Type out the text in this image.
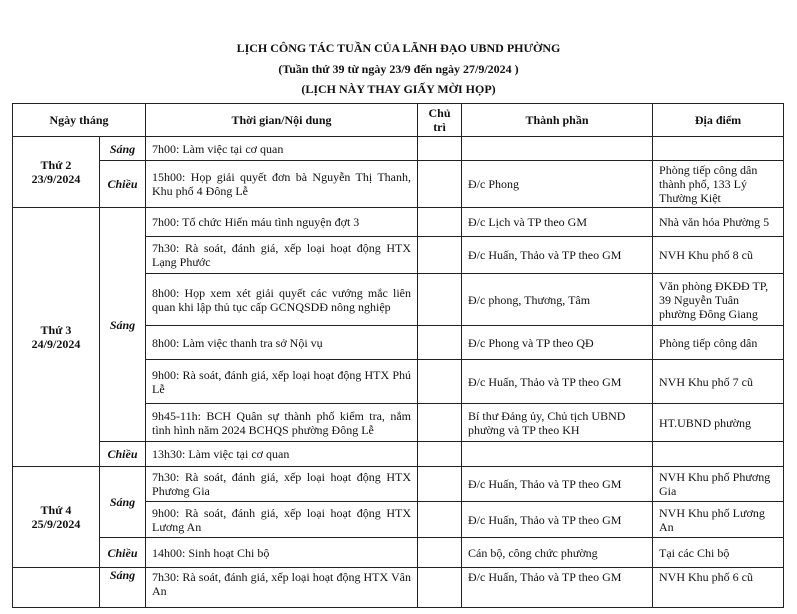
LỊCH CÔNG TÁC TUẦN CỦA LÃNH ĐẠO UBND PHƯỜNG
(Tuần thứ 39 từ ngày 23/9 đến ngày 27/9/2024 )
(LỊCH NÀY THAY GIẤY MỜI HỌP)
Ngày tháng		Thời gian/Nội dung	Chủ trì	Thành phần	Địa điểm
Thứ 2
23/9/2024	Sáng	7h00: Làm việc tại cơ quan			
	Chiều	15h00: Họp giải quyết đơn bà Nguyễn Thị Thanh, Khu phố 4 Đông Lễ		Đ/c Phong	Phòng tiếp công dân thành phố, 133 Lý Thường Kiệt
Thứ 3
24/9/2024	Sáng	7h00: Tổ chức Hiến máu tình nguyện đợt 3		Đ/c Lịch và TP theo GM	Nhà văn hóa Phường 5
		7h30: Rà soát, đánh giá, xếp loại hoạt động HTX Lạng Phước		Đ/c Huấn, Thảo và TP theo GM	NVH Khu phố 8 cũ
		8h00: Họp xem xét giải quyết các vướng mắc liên quan khi lập thủ tục cấp GCNQSDĐ nông nghiệp		Đ/c phong, Thương, Tâm	Văn phòng ĐKĐĐ TP, 39 Nguyễn Tuân phường Đông Giang
		8h00: Làm việc thanh tra sở Nội vụ		Đ/c Phong và TP theo QĐ	Phòng tiếp công dân
		9h00: Rà soát, đánh giá, xếp loại hoạt động HTX Phú Lễ		Đ/c Huấn, Thảo và TP theo GM	NVH Khu phố 7 cũ
		9h45-11h: BCH Quân sự thành phố kiểm tra, nắm tình hình năm 2024 BCHQS phường Đông Lễ		Bí thư Đảng ủy, Chủ tịch UBND phường và TP theo KH	HT.UBND phường
	Chiều	13h30: Làm việc tại cơ quan			
Thứ 4
25/9/2024	Sáng	7h30: Rà soát, đánh giá, xếp loại hoạt động HTX Phương Gia		Đ/c Huấn, Thảo và TP theo GM	NVH Khu phố Phương Gia
		9h00: Rà soát, đánh giá, xếp loại hoạt động HTX Lương An		Đ/c Huấn, Thảo và TP theo GM	NVH Khu phố Lương An
	Chiều	14h00: Sinh hoạt Chi bộ		Cán bộ, công chức phường	Tại các Chi bộ
	Sáng	7h30: Rà soát, đánh giá, xếp loại hoạt động HTX Vân An		Đ/c Huấn, Thảo và TP theo GM	NVH Khu phố 6 cũ
